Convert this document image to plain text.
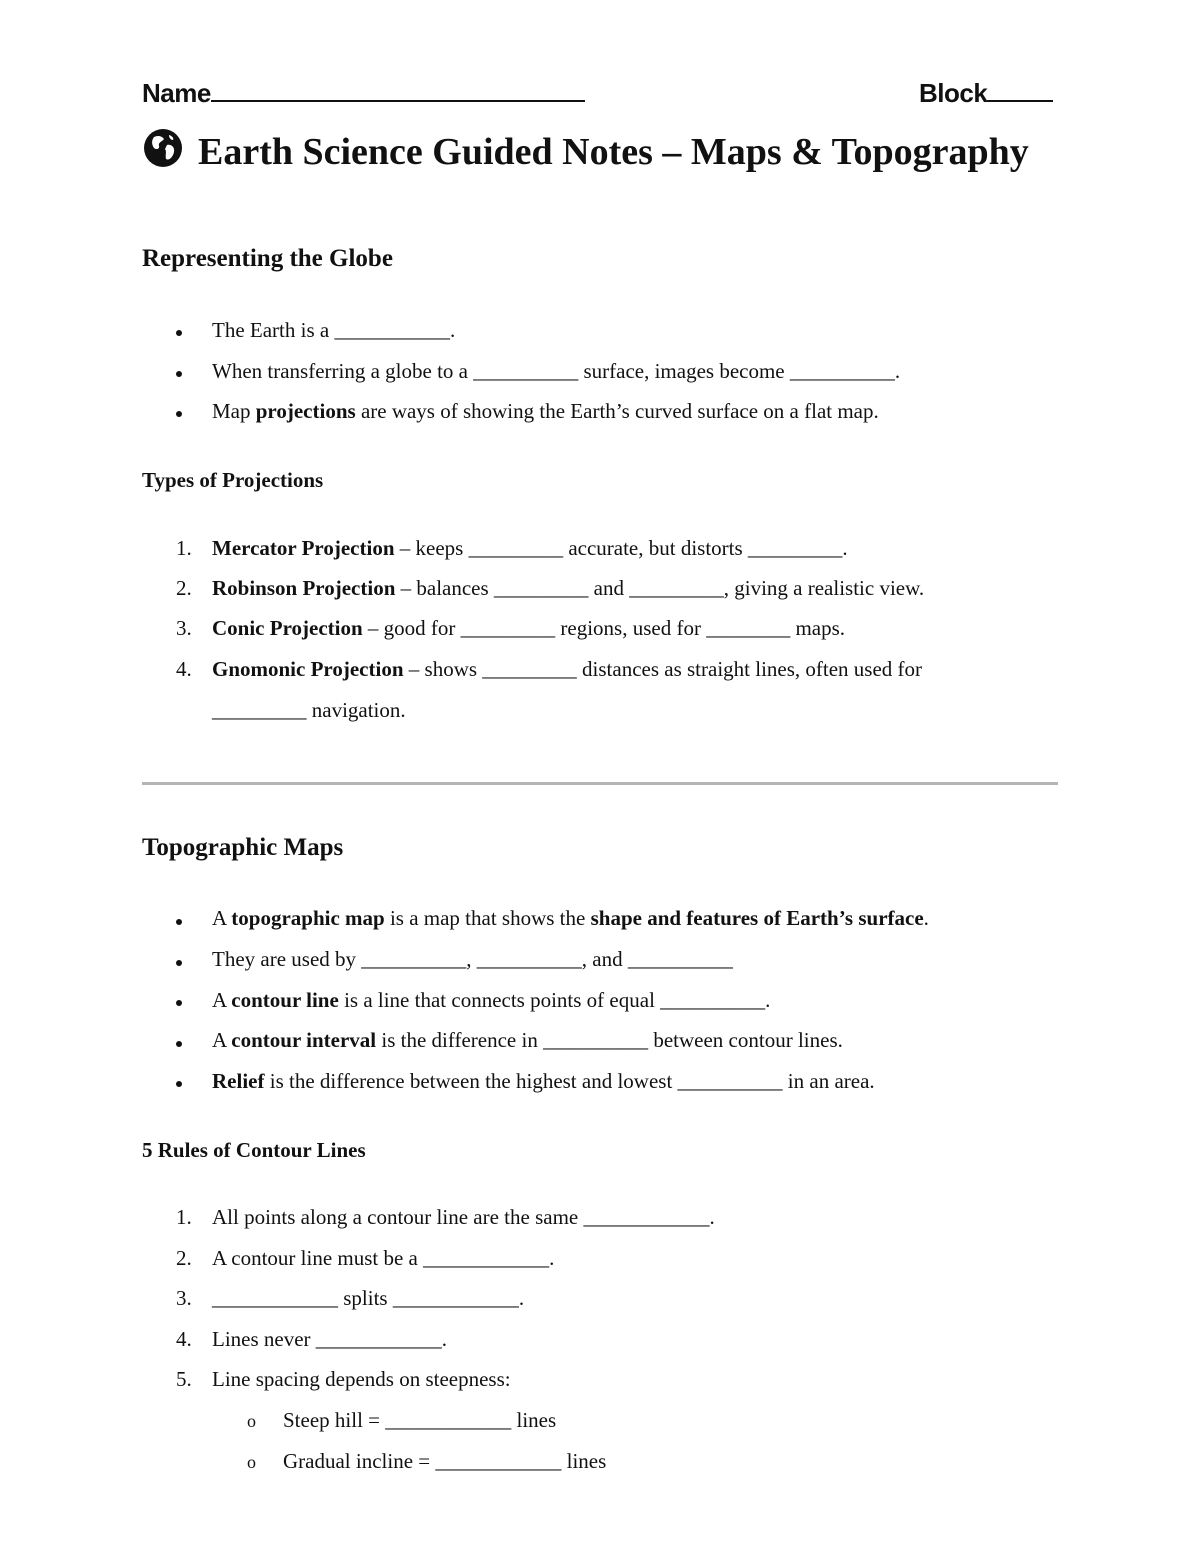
Name	Block
Earth Science Guided Notes – Maps & Topography
Representing the Globe
The Earth is a ___________.
When transferring a globe to a __________ surface, images become __________.
Map projections are ways of showing the Earth’s curved surface on a flat map.
Types of Projections
1. Mercator Projection – keeps _________ accurate, but distorts _________.
2. Robinson Projection – balances _________ and _________, giving a realistic view.
3. Conic Projection – good for _________ regions, used for ________ maps.
4. Gnomonic Projection – shows _________ distances as straight lines, often used for
_________ navigation.
Topographic Maps
A topographic map is a map that shows the shape and features of Earth’s surface.
They are used by __________, __________, and __________
A contour line is a line that connects points of equal __________.
A contour interval is the difference in __________ between contour lines.
Relief is the difference between the highest and lowest __________ in an area.
5 Rules of Contour Lines
1. All points along a contour line are the same ____________.
2. A contour line must be a ____________.
3. ____________ splits ____________.
4. Lines never ____________.
5. Line spacing depends on steepness:
o Steep hill = ____________ lines
o Gradual incline = ____________ lines
